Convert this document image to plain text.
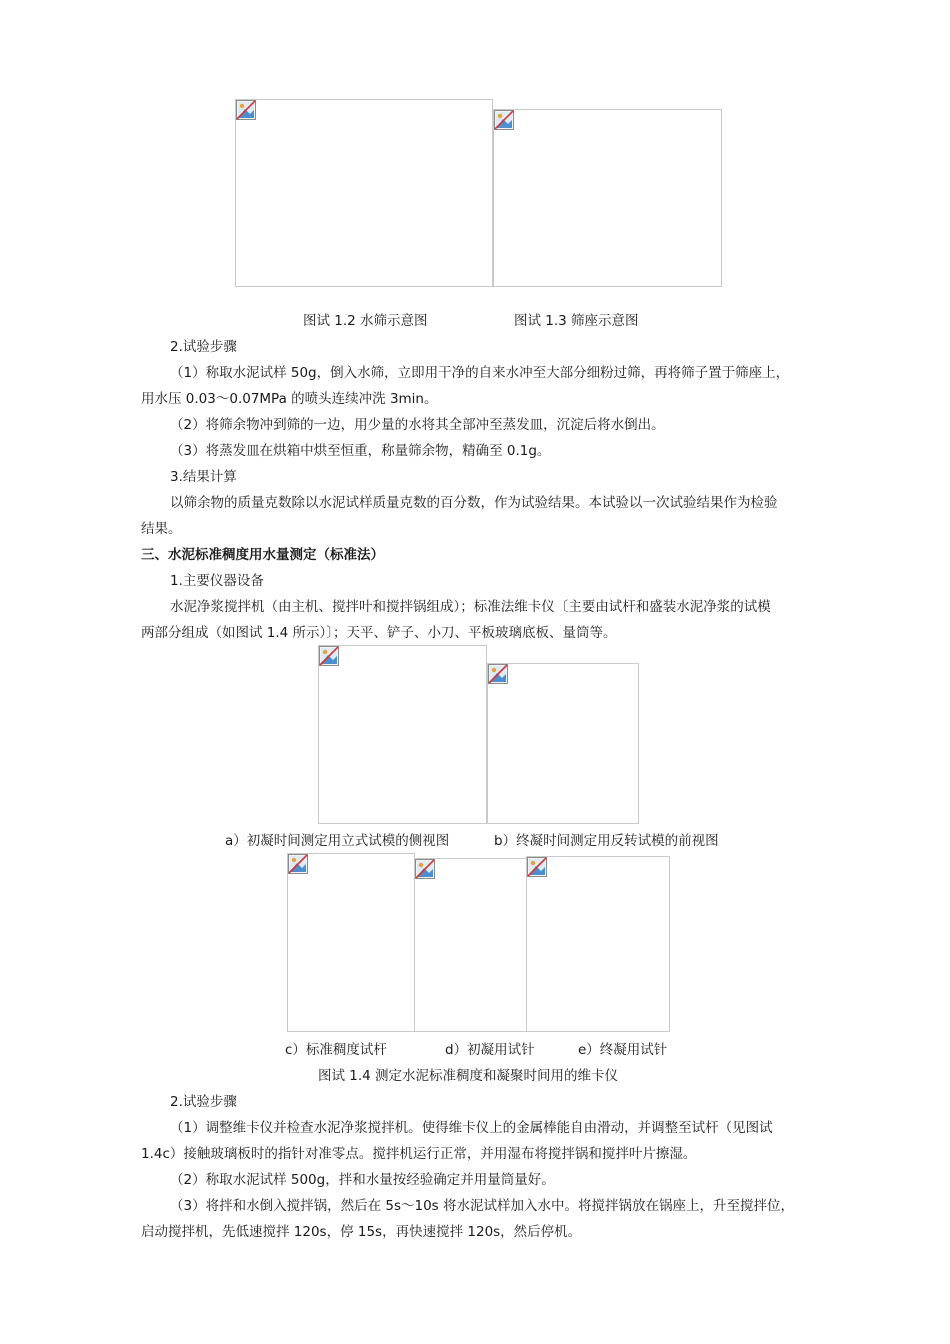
图试 1.2 水筛示意图	图试 1.3 筛座示意图
2.试验步骤
（1）称取水泥试样 50g，倒入水筛，立即用干净的自来水冲至大部分细粉过筛，再将筛子置于筛座上，
用水压 0.03～0.07MPa 的喷头连续冲洗 3min。
（2）将筛余物冲到筛的一边，用少量的水将其全部冲至蒸发皿，沉淀后将水倒出。
（3）将蒸发皿在烘箱中烘至恒重，称量筛余物，精确至 0.1g。
3.结果计算
以筛余物的质量克数除以水泥试样质量克数的百分数，作为试验结果。本试验以一次试验结果作为检验
结果。
三、水泥标准稠度用水量测定（标准法）
1.主要仪器设备
水泥净浆搅拌机（由主机、搅拌叶和搅拌锅组成）；标准法维卡仪〔主要由试杆和盛装水泥净浆的试模
两部分组成（如图试 1.4 所示）〕；天平、铲子、小刀、平板玻璃底板、量筒等。
a）初凝时间测定用立式试模的侧视图	b）终凝时间测定用反转试模的前视图
c）标准稠度试杆	d）初凝用试针	e）终凝用试针
图试 1.4 测定水泥标准稠度和凝聚时间用的维卡仪
2.试验步骤
（1）调整维卡仪并检查水泥净浆搅拌机。使得维卡仪上的金属棒能自由滑动，并调整至试杆（见图试
1.4c）接触玻璃板时的指针对准零点。搅拌机运行正常，并用湿布将搅拌锅和搅拌叶片擦湿。
（2）称取水泥试样 500g，拌和水量按经验确定并用量筒量好。
（3）将拌和水倒入搅拌锅，然后在 5s～10s 将水泥试样加入水中。将搅拌锅放在锅座上，升至搅拌位，
启动搅拌机，先低速搅拌 120s，停 15s，再快速搅拌 120s，然后停机。
